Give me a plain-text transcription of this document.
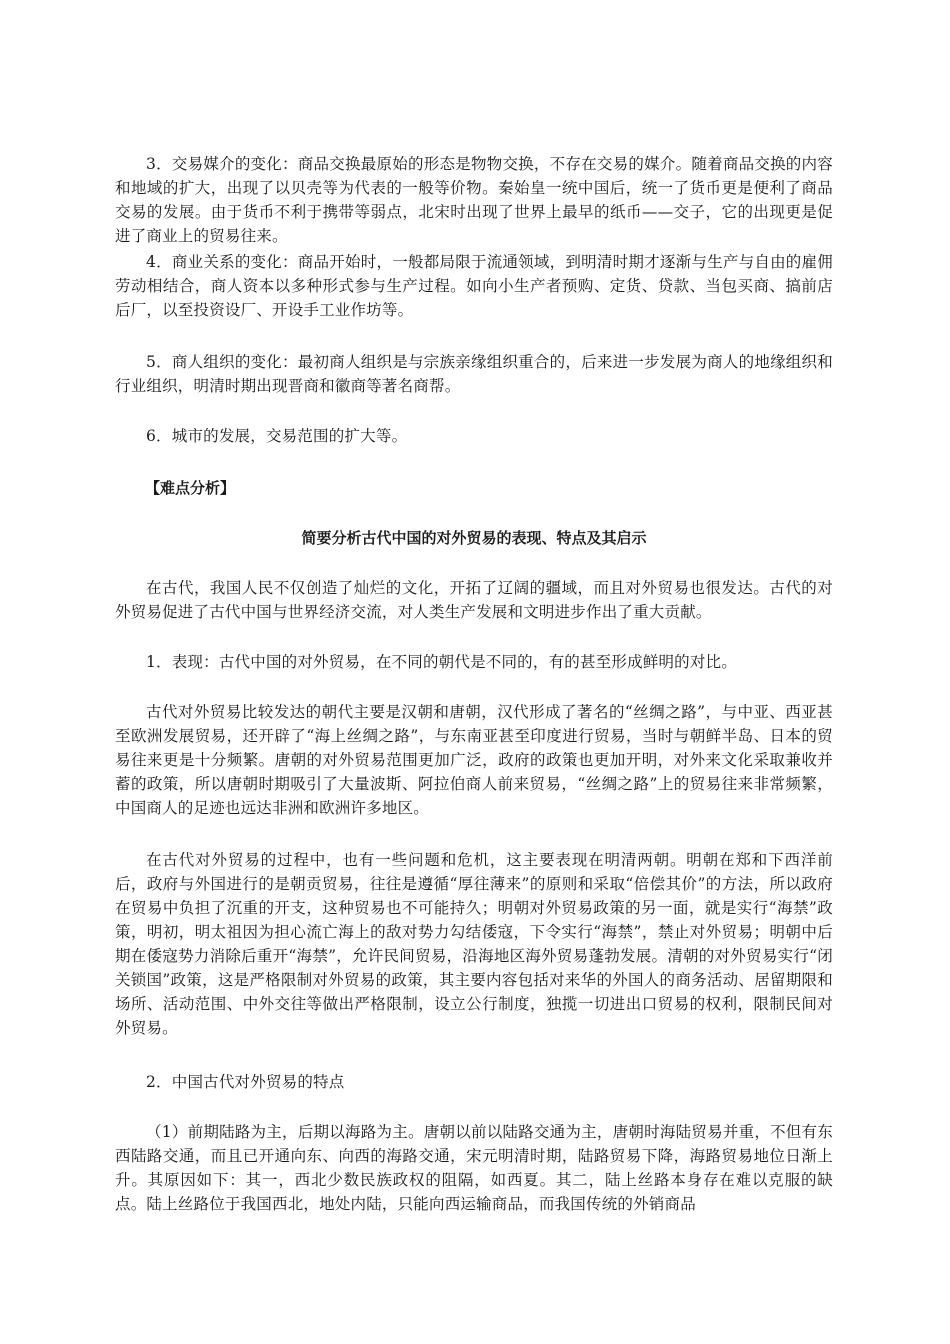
3．交易媒介的变化：商品交换最原始的形态是物物交换，不存在交易的媒介。随着商品交换的内容和地域的扩大，出现了以贝壳等为代表的一般等价物。秦始皇一统中国后，统一了货币更是便利了商品交易的发展。由于货币不利于携带等弱点，北宋时出现了世界上最早的纸币——交子，它的出现更是促进了商业上的贸易往来。

4．商业关系的变化：商品开始时，一般都局限于流通领域，到明清时期才逐渐与生产与自由的雇佣劳动相结合，商人资本以多种形式参与生产过程。如向小生产者预购、定货、贷款、当包买商、搞前店后厂，以至投资设厂、开设手工业作坊等。

5．商人组织的变化：最初商人组织是与宗族亲缘组织重合的，后来进一步发展为商人的地缘组织和行业组织，明清时期出现晋商和徽商等著名商帮。

6．城市的发展，交易范围的扩大等。

【难点分析】
简要分析古代中国的对外贸易的表现、特点及其启示

在古代，我国人民不仅创造了灿烂的文化，开拓了辽阔的疆域，而且对外贸易也很发达。古代的对外贸易促进了古代中国与世界经济交流，对人类生产发展和文明进步作出了重大贡献。

1．表现：古代中国的对外贸易，在不同的朝代是不同的，有的甚至形成鲜明的对比。

古代对外贸易比较发达的朝代主要是汉朝和唐朝，汉代形成了著名的“丝绸之路”，与中亚、西亚甚至欧洲发展贸易，还开辟了“海上丝绸之路”，与东南亚甚至印度进行贸易，当时与朝鲜半岛、日本的贸易往来更是十分频繁。唐朝的对外贸易范围更加广泛，政府的政策也更加开明，对外来文化采取兼收并蓄的政策，所以唐朝时期吸引了大量波斯、阿拉伯商人前来贸易，“丝绸之路”上的贸易往来非常频繁，中国商人的足迹也远达非洲和欧洲许多地区。

在古代对外贸易的过程中，也有一些问题和危机，这主要表现在明清两朝。明朝在郑和下西洋前后，政府与外国进行的是朝贡贸易，往往是遵循“厚往薄来”的原则和采取“倍偿其价”的方法，所以政府在贸易中负担了沉重的开支，这种贸易也不可能持久；明朝对外贸易政策的另一面，就是实行“海禁”政策，明初，明太祖因为担心流亡海上的敌对势力勾结倭寇，下令实行“海禁”，禁止对外贸易；明朝中后期在倭寇势力消除后重开“海禁”，允许民间贸易，沿海地区海外贸易蓬勃发展。清朝的对外贸易实行“闭关锁国”政策，这是严格限制对外贸易的政策，其主要内容包括对来华的外国人的商务活动、居留期限和场所、活动范围、中外交往等做出严格限制，设立公行制度，独揽一切进出口贸易的权利，限制民间对外贸易。

2．中国古代对外贸易的特点

（1）前期陆路为主，后期以海路为主。唐朝以前以陆路交通为主，唐朝时海陆贸易并重，不但有东西陆路交通，而且已开通向东、向西的海路交通，宋元明清时期，陆路贸易下降，海路贸易地位日渐上升。其原因如下：其一，西北少数民族政权的阻隔，如西夏。其二，陆上丝路本身存在难以克服的缺点。陆上丝路位于我国西北，地处内陆，只能向西运输商品，而我国传统的外销商品
